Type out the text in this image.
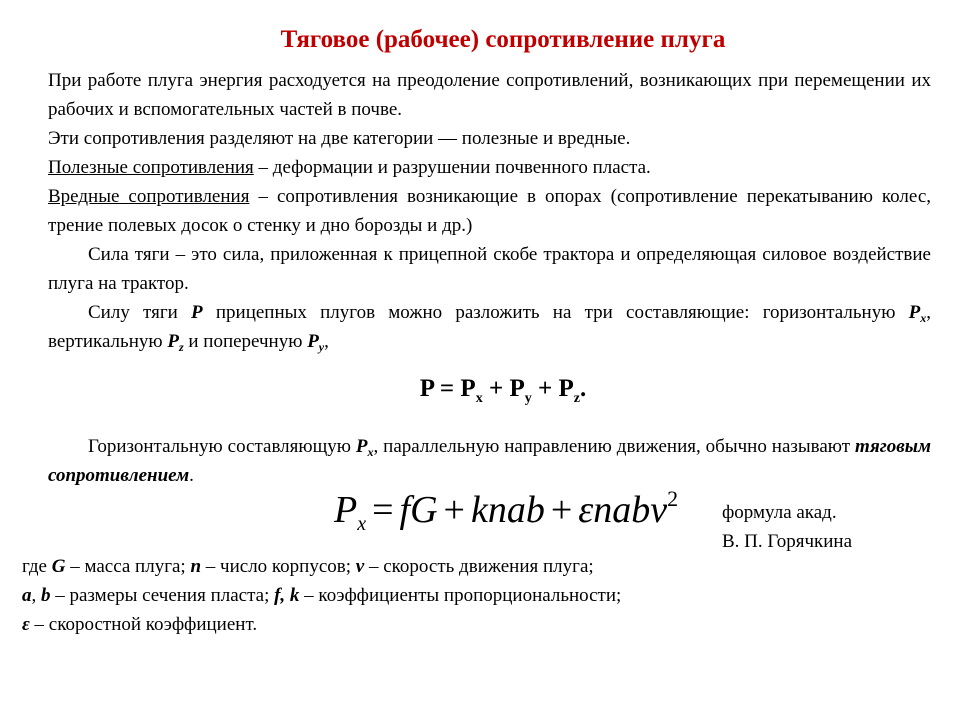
Тяговое (рабочее) сопротивление плуга
При работе плуга энергия расходуется на преодоление сопротивлений, возникающих при перемещении их рабочих и вспомогательных частей в почве.
Эти сопротивления разделяют на две категории — полезные и вредные.
Полезные сопротивления – деформации и разрушении почвенного пласта.
Вредные сопротивления – сопротивления возникающие в опорах (сопротивление перекатыванию колес, трение полевых досок о стенку и дно борозды и др.)
Сила тяги – это сила, приложенная к прицепной скобе трактора и определяющая силовое воздействие плуга на трактор.
Силу тяги P прицепных плугов можно разложить на три составляющие: горизонтальную $P_x$, вертикальную $P_z$ и поперечную $P_y$,
$P = P_x + P_y + P_z$.
Горизонтальную составляющую $P_x$, параллельную направлению движения, обычно называют тяговым сопротивлением.
$P_x$ = fG + knab + εnabv$^2$
формула акад.
В. П. Горячкина
где G – масса плуга; n – число корпусов; v – скорость движения плуга;
a, b – размеры сечения пласта; f, k – коэффициенты пропорциональности;
ε – скоростной коэффициент.
